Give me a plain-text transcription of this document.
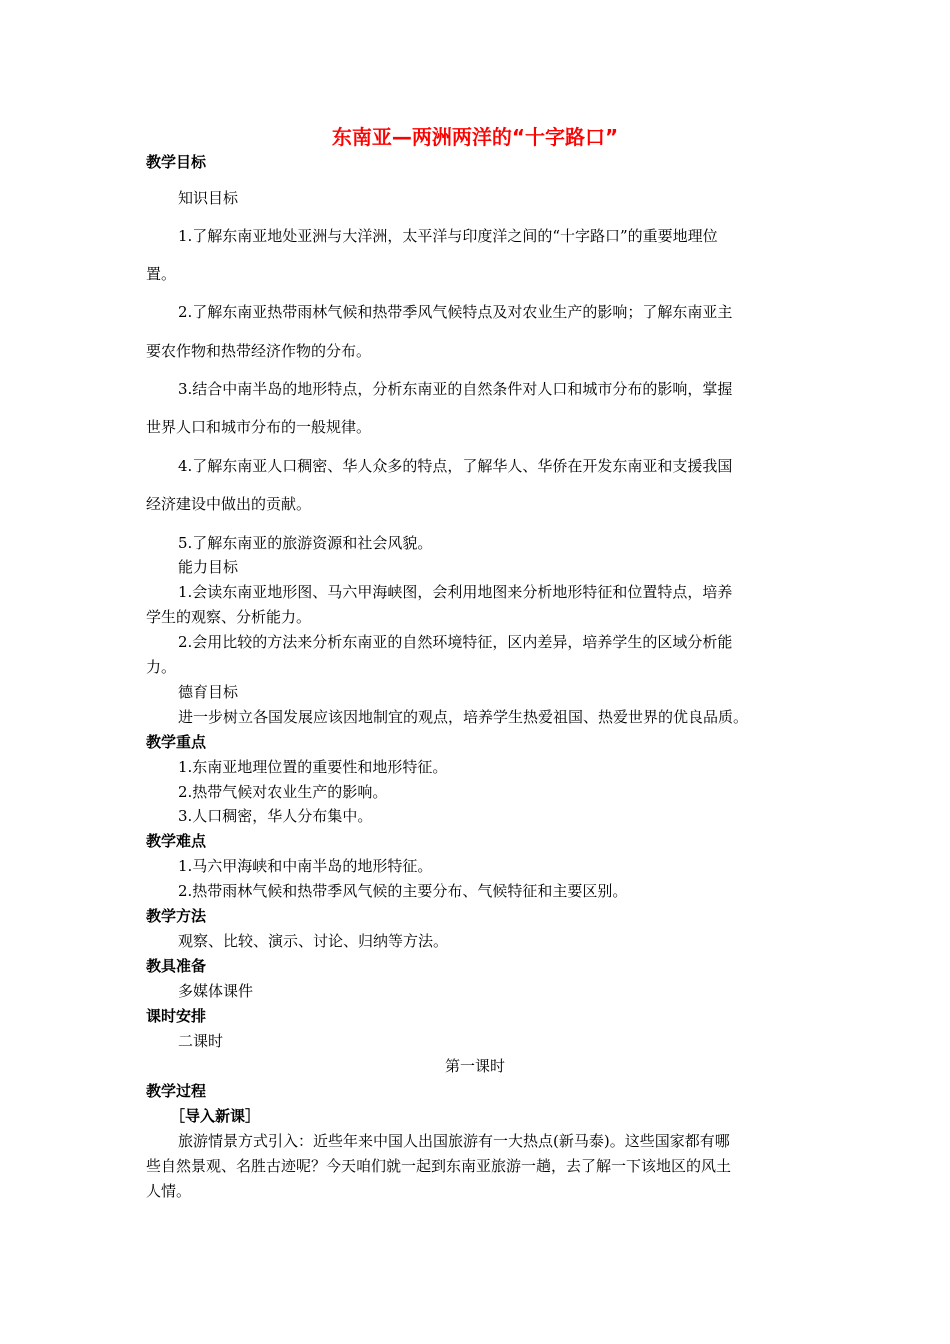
东南亚—两洲两洋的“十字路口”
教学目标
知识目标
1.了解东南亚地处亚洲与大洋洲，太平洋与印度洋之间的“十字路口”的重要地理位
置。
2.了解东南亚热带雨林气候和热带季风气候特点及对农业生产的影响；了解东南亚主
要农作物和热带经济作物的分布。
3.结合中南半岛的地形特点，分析东南亚的自然条件对人口和城市分布的影响，掌握
世界人口和城市分布的一般规律。
4.了解东南亚人口稠密、华人众多的特点，了解华人、华侨在开发东南亚和支援我国
经济建设中做出的贡献。
5.了解东南亚的旅游资源和社会风貌。
能力目标
1.会读东南亚地形图、马六甲海峡图，会利用地图来分析地形特征和位置特点，培养
学生的观察、分析能力。
2.会用比较的方法来分析东南亚的自然环境特征，区内差异，培养学生的区域分析能
力。
德育目标
进一步树立各国发展应该因地制宜的观点，培养学生热爱祖国、热爱世界的优良品质。
教学重点
1.东南亚地理位置的重要性和地形特征。
2.热带气候对农业生产的影响。
3.人口稠密，华人分布集中。
教学难点
1.马六甲海峡和中南半岛的地形特征。
2.热带雨林气候和热带季风气候的主要分布、气候特征和主要区别。
教学方法
观察、比较、演示、讨论、归纳等方法。
教具准备
多媒体课件
课时安排
二课时
第一课时
教学过程
［导入新课］
旅游情景方式引入：近些年来中国人出国旅游有一大热点(新马泰)。这些国家都有哪
些自然景观、名胜古迹呢？今天咱们就一起到东南亚旅游一趟，去了解一下该地区的风土
人情。
